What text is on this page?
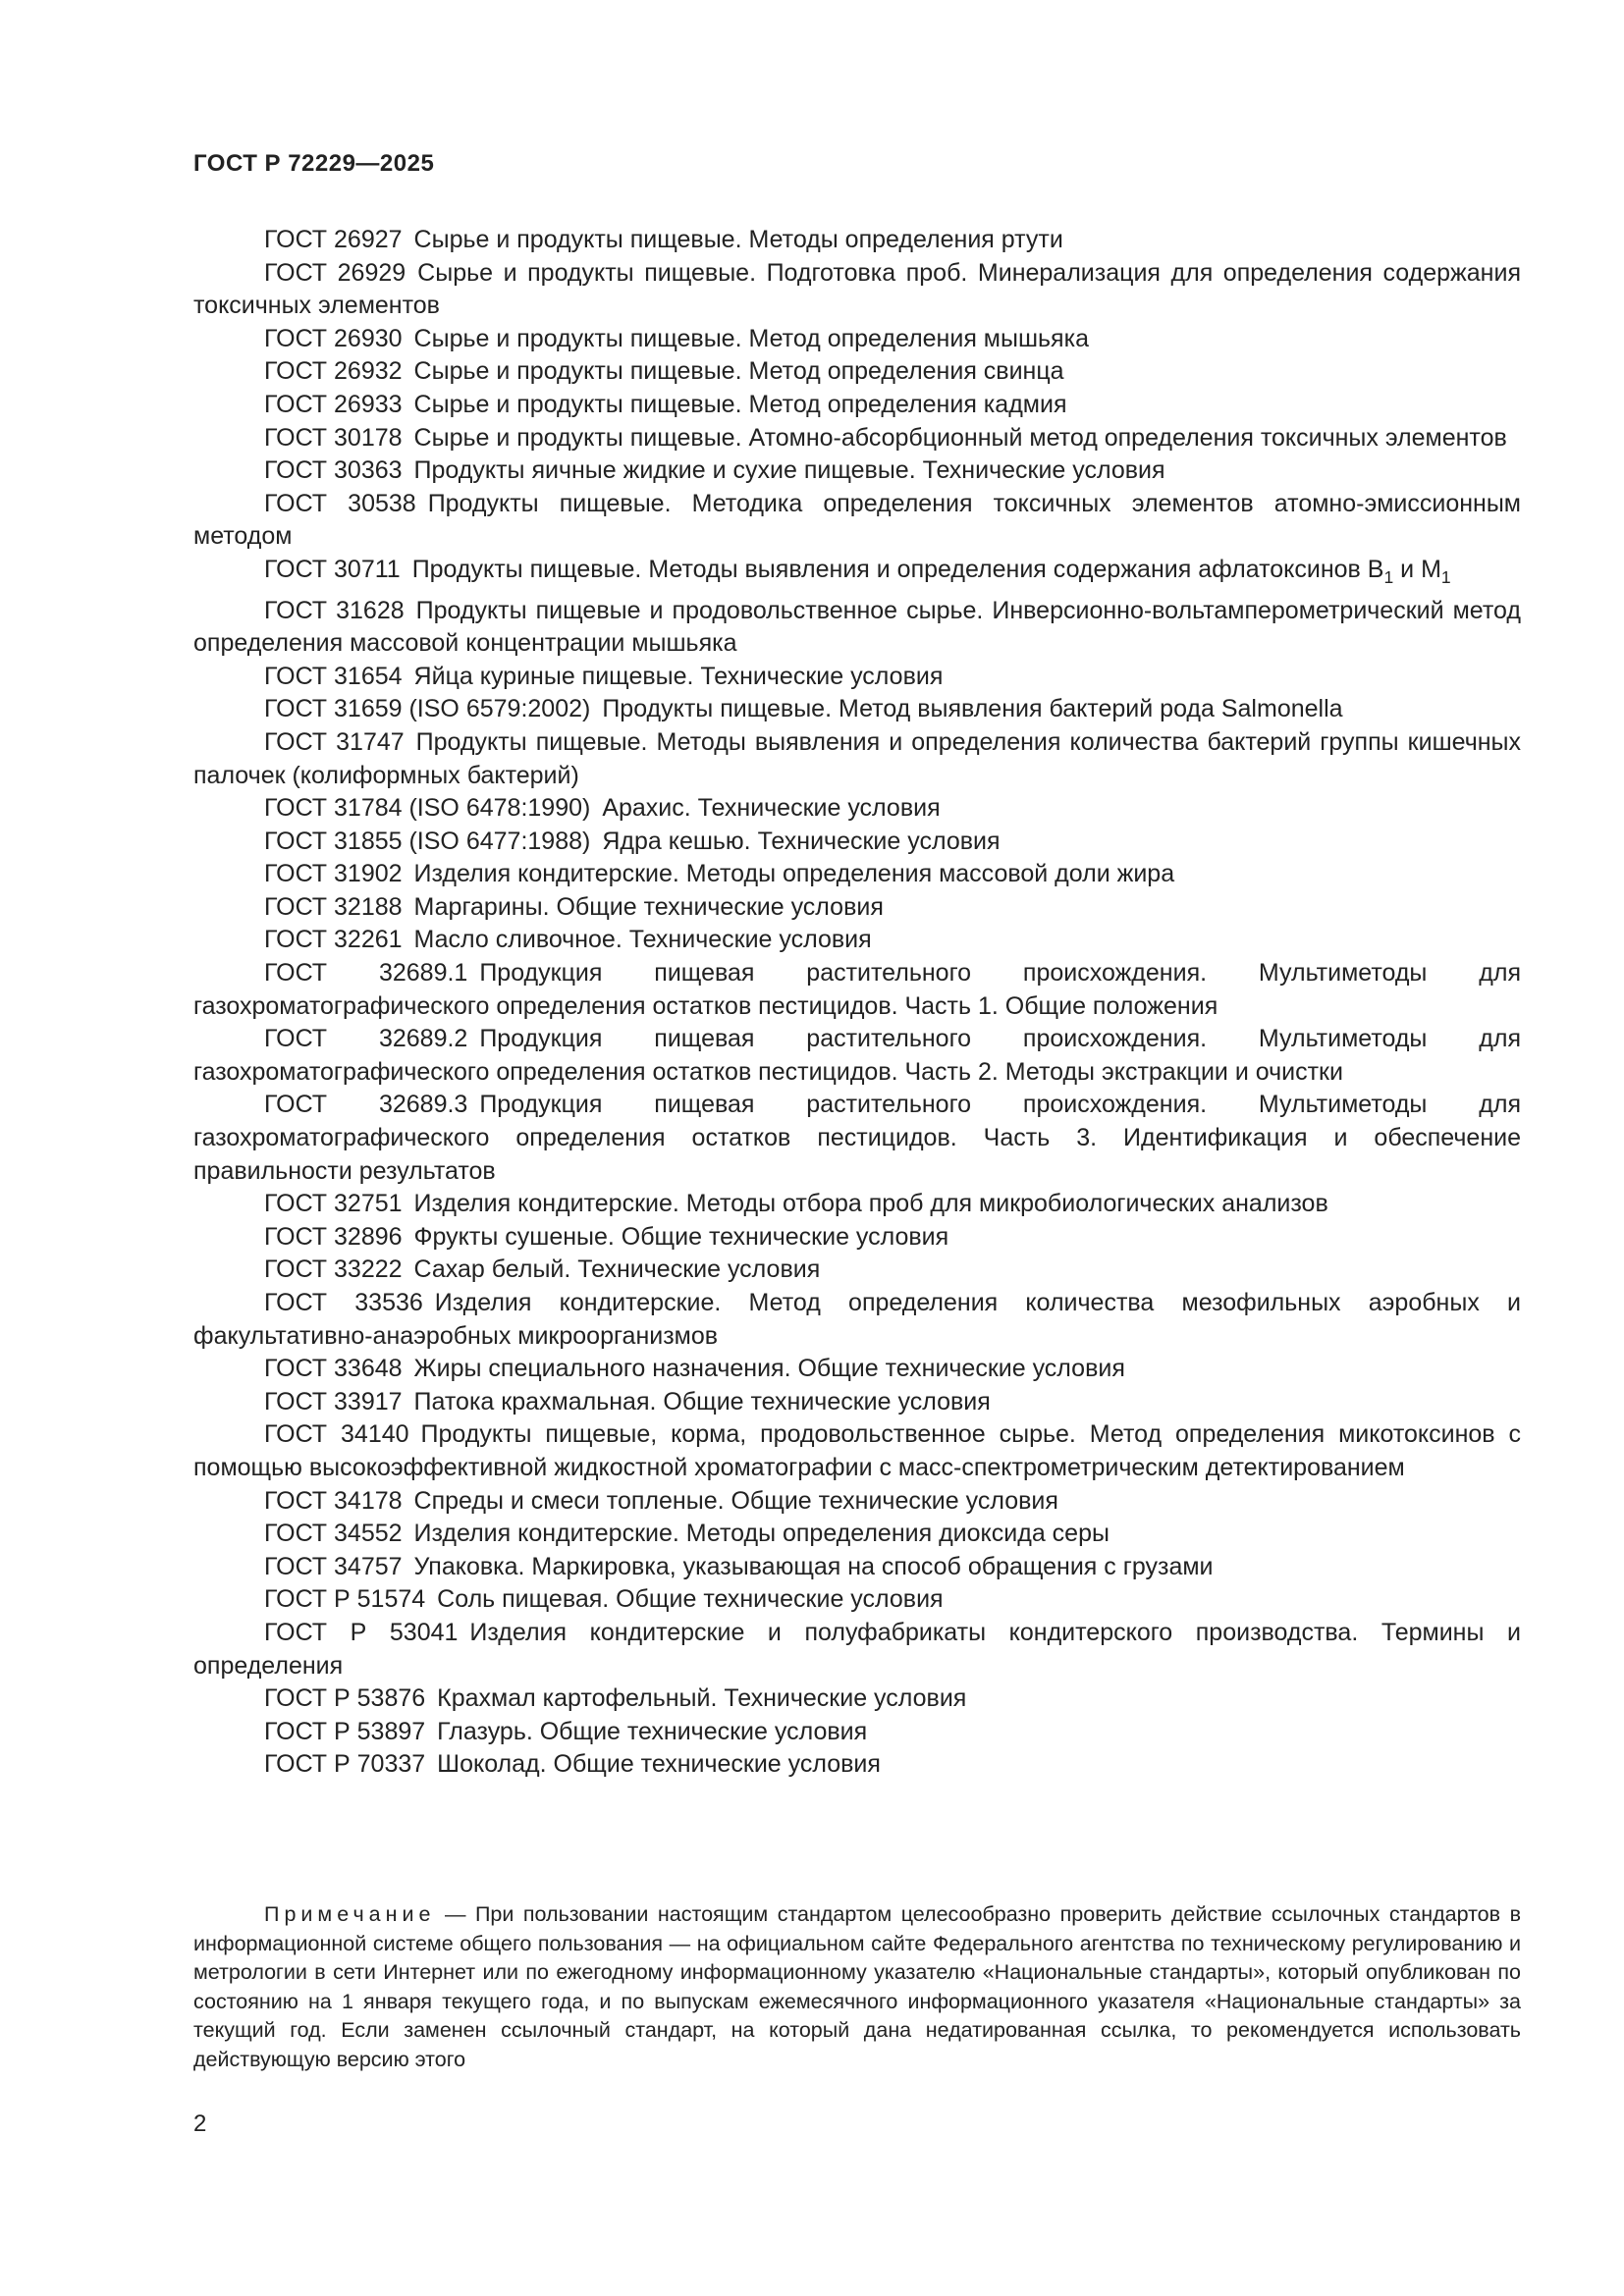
ГОСТ Р 72229—2025

ГОСТ 26927 Сырье и продукты пищевые. Методы определения ртути

ГОСТ 26929 Сырье и продукты пищевые. Подготовка проб. Минерализация для определения содержания токсичных элементов

ГОСТ 26930 Сырье и продукты пищевые. Метод определения мышьяка

ГОСТ 26932 Сырье и продукты пищевые. Метод определения свинца

ГОСТ 26933 Сырье и продукты пищевые. Метод определения кадмия

ГОСТ 30178 Сырье и продукты пищевые. Атомно-абсорбционный метод определения токсичных элементов

ГОСТ 30363 Продукты яичные жидкие и сухие пищевые. Технические условия

ГОСТ 30538 Продукты пищевые. Методика определения токсичных элементов атомно-эмиссионным методом

ГОСТ 30711 Продукты пищевые. Методы выявления и определения содержания афлатоксинов $В_1$ и $М_1$

ГОСТ 31628 Продукты пищевые и продовольственное сырье. Инверсионно-вольтамперометрический метод определения массовой концентрации мышьяка

ГОСТ 31654 Яйца куриные пищевые. Технические условия

ГОСТ 31659 (ISO 6579:2002) Продукты пищевые. Метод выявления бактерий рода Salmonella

ГОСТ 31747 Продукты пищевые. Методы выявления и определения количества бактерий группы кишечных палочек (колиформных бактерий)

ГОСТ 31784 (ISO 6478:1990) Арахис. Технические условия

ГОСТ 31855 (ISO 6477:1988) Ядра кешью. Технические условия

ГОСТ 31902 Изделия кондитерские. Методы определения массовой доли жира

ГОСТ 32188 Маргарины. Общие технические условия

ГОСТ 32261 Масло сливочное. Технические условия

ГОСТ 32689.1 Продукция пищевая растительного происхождения. Мультиметоды для газохроматографического определения остатков пестицидов. Часть 1. Общие положения

ГОСТ 32689.2 Продукция пищевая растительного происхождения. Мультиметоды для газохроматографического определения остатков пестицидов. Часть 2. Методы экстракции и очистки

ГОСТ 32689.3 Продукция пищевая растительного происхождения. Мультиметоды для газохроматографического определения остатков пестицидов. Часть 3. Идентификация и обеспечение правильности результатов

ГОСТ 32751 Изделия кондитерские. Методы отбора проб для микробиологических анализов

ГОСТ 32896 Фрукты сушеные. Общие технические условия

ГОСТ 33222 Сахар белый. Технические условия

ГОСТ 33536 Изделия кондитерские. Метод определения количества мезофильных аэробных и факультативно-анаэробных микроорганизмов

ГОСТ 33648 Жиры специального назначения. Общие технические условия

ГОСТ 33917 Патока крахмальная. Общие технические условия

ГОСТ 34140 Продукты пищевые, корма, продовольственное сырье. Метод определения микотоксинов с помощью высокоэффективной жидкостной хроматографии с масс-спектрометрическим детектированием

ГОСТ 34178 Спреды и смеси топленые. Общие технические условия

ГОСТ 34552 Изделия кондитерские. Методы определения диоксида серы

ГОСТ 34757 Упаковка. Маркировка, указывающая на способ обращения с грузами

ГОСТ Р 51574 Соль пищевая. Общие технические условия

ГОСТ Р 53041 Изделия кондитерские и полуфабрикаты кондитерского производства. Термины и определения

ГОСТ Р 53876 Крахмал картофельный. Технические условия

ГОСТ Р 53897 Глазурь. Общие технические условия

ГОСТ Р 70337 Шоколад. Общие технические условия

Примечание — При пользовании настоящим стандартом целесообразно проверить действие ссылочных стандартов в информационной системе общего пользования — на официальном сайте Федерального агентства по техническому регулированию и метрологии в сети Интернет или по ежегодному информационному указателю «Национальные стандарты», который опубликован по состоянию на 1 января текущего года, и по выпускам ежемесячного информационного указателя «Национальные стандарты» за текущий год. Если заменен ссылочный стандарт, на который дана недатированная ссылка, то рекомендуется использовать действующую версию этого

2
